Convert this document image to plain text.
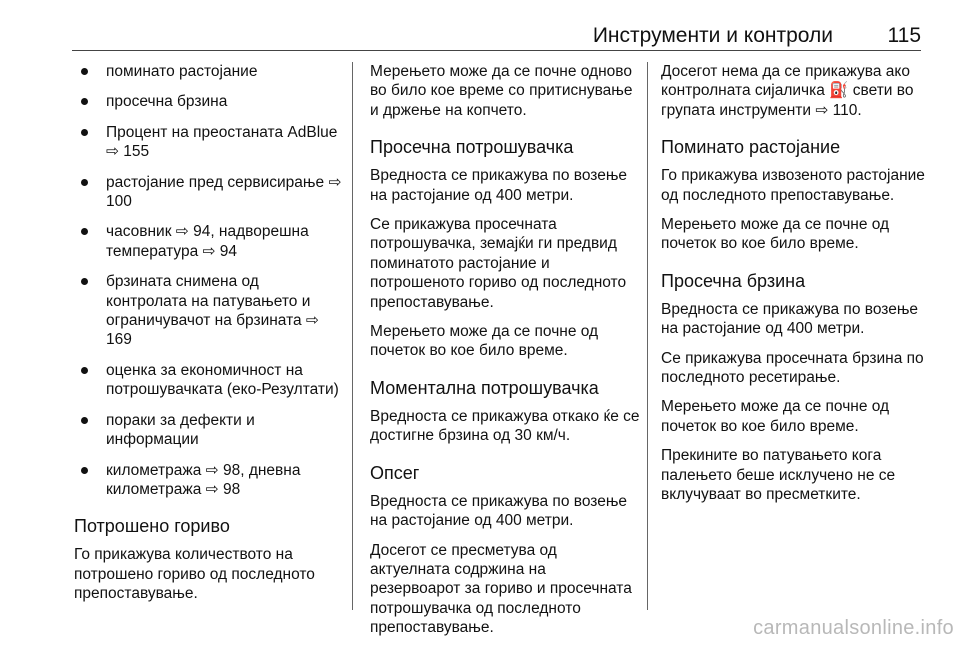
Инструменти и контроли	115
поминато растојание
просечна брзина
Процент на преостаната AdBlue ⇨ 155
растојание пред сервисирање ⇨ 100
часовник ⇨ 94, надворешна температура ⇨ 94
брзината снимена од контролата на патувањето и ограничувачот на брзината ⇨ 169
оценка за економичност на потрошувачката (еко-Резултати)
пораки за дефекти и информации
километража ⇨ 98, дневна километража ⇨ 98
Потрошено гориво

Го прикажува количеството на потрошено гориво од последното препоставување.

Мерењето може да се почне одново во било кое време со притиснување и држење на копчето.

Просечна потрошувачка

Вредноста се прикажува по возење на растојание од 400 метри.

Се прикажува просечната потрошувачка, земајќи ги предвид поминатото растојание и потрошеното гориво од последното препоставување.

Мерењето може да се почне од почеток во кое било време.

Моментална потрошувачка

Вредноста се прикажува откако ќе се достигне брзина од 30 км/ч.

Опсег

Вредноста се прикажува по возење на растојание од 400 метри.

Досегот се пресметува од актуелната содржина на резервоарот за гориво и просечната потрошувачка од последното препоставување.

Досегот нема да се прикажува ако контролната сијаличка ⛽ свети во групата инструменти ⇨ 110.

Поминато растојание

Го прикажува извозеното растојание од последното препоставување.

Мерењето може да се почне од почеток во кое било време.

Просечна брзина

Вредноста се прикажува по возење на растојание од 400 метри.

Се прикажува просечната брзина по последното ресетирање.

Мерењето може да се почне од почеток во кое било време.

Прекините во патувањето кога палењето беше исклучено не се вклучуваат во пресметките.

carmanualsonline.info
